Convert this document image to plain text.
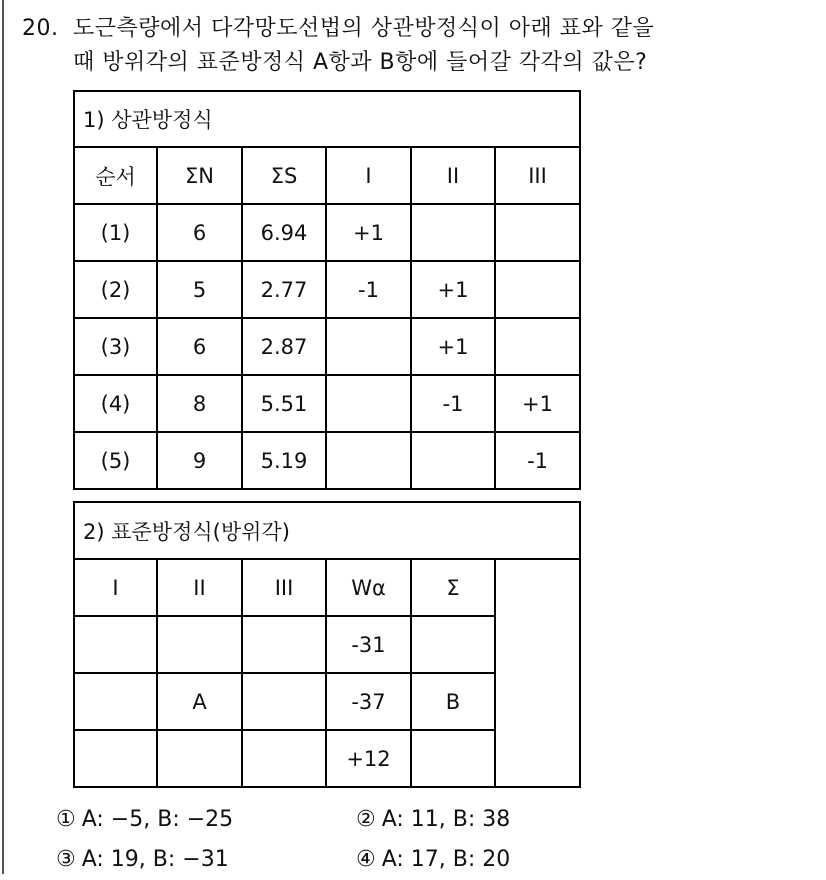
20. 도근측량에서 다각망도선법의 상관방정식이 아래 표와 같을
때 방위각의 표준방정식 A항과 B항에 들어갈 각각의 값은?
1) 상관방정식					
순서	ΣN	ΣS	I	II	III
(1)	6	6.94	+1		
(2)	5	2.77	-1	+1	
(3)	6	2.87		+1	
(4)	8	5.51		-1	+1
(5)	9	5.19			-1
2) 표준방정식(방위각)					
I	II	III	Wα	Σ	
			-31		
	A		-37	B	
			+12		
① A: −5, B: −25	② A: 11, B: 38
③ A: 19, B: −31	④ A: 17, B: 20
